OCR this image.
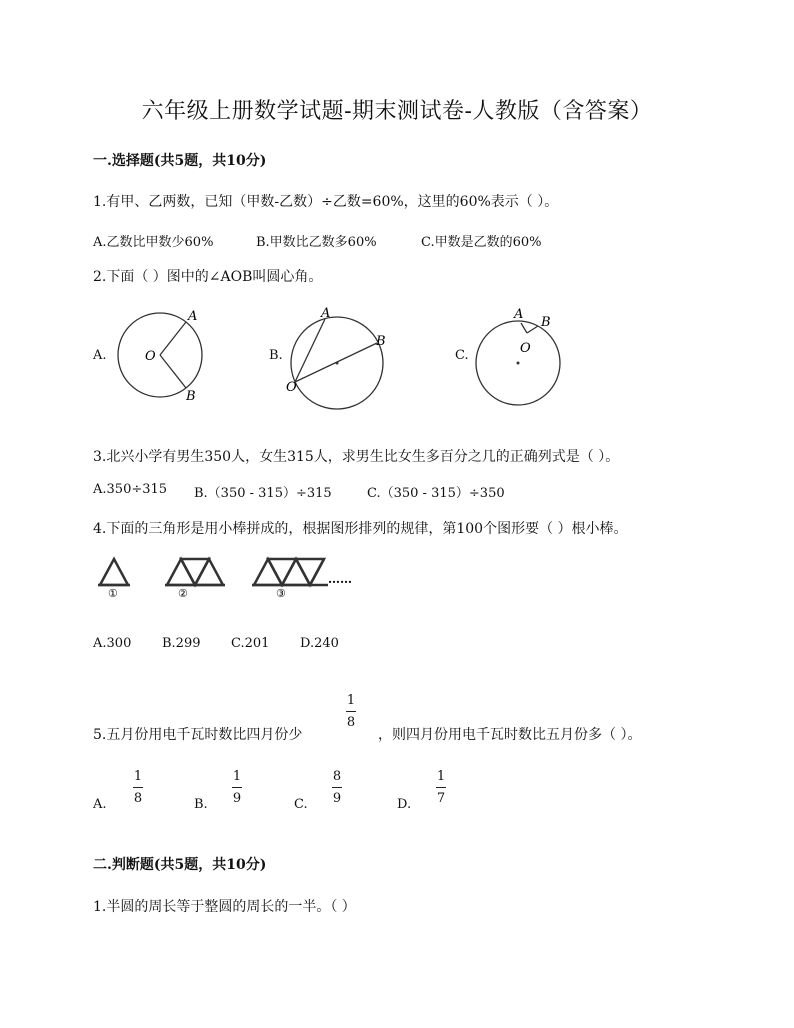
六年级上册数学试题-期末测试卷-人教版（含答案）
一.选择题(共5题，共10分)
1.有甲、乙两数，已知（甲数-乙数）÷乙数=60%，这里的60%表示（ ）。
A.乙数比甲数少60%	B.甲数比乙数多60%	C.甲数是乙数的60%
2.下面（ ）图中的∠AOB叫圆心角。
A.
A
B
O	B.
A
B
O
C.
A
B
O
3.北兴小学有男生350人，女生315人，求男生比女生多百分之几的正确列式是（ ）。
A.350÷315 B.（350 - 315）÷315	C.（350 - 315）÷350
4.下面的三角形是用小棒拼成的，根据图形排列的规律，第100个图形要（ ）根小棒。
①	②	③
……
A.300 B.299 C.201 D.240
5.五月份用电千瓦时数比四月份少
1
8
，则四月份用电千瓦时数比五月份多（ ）。
A.
1
8	B.
1
9	C.
8
9	D.
1
7
二.判断题(共5题，共10分)
1.半圆的周长等于整圆的周长的一半。（ ）
